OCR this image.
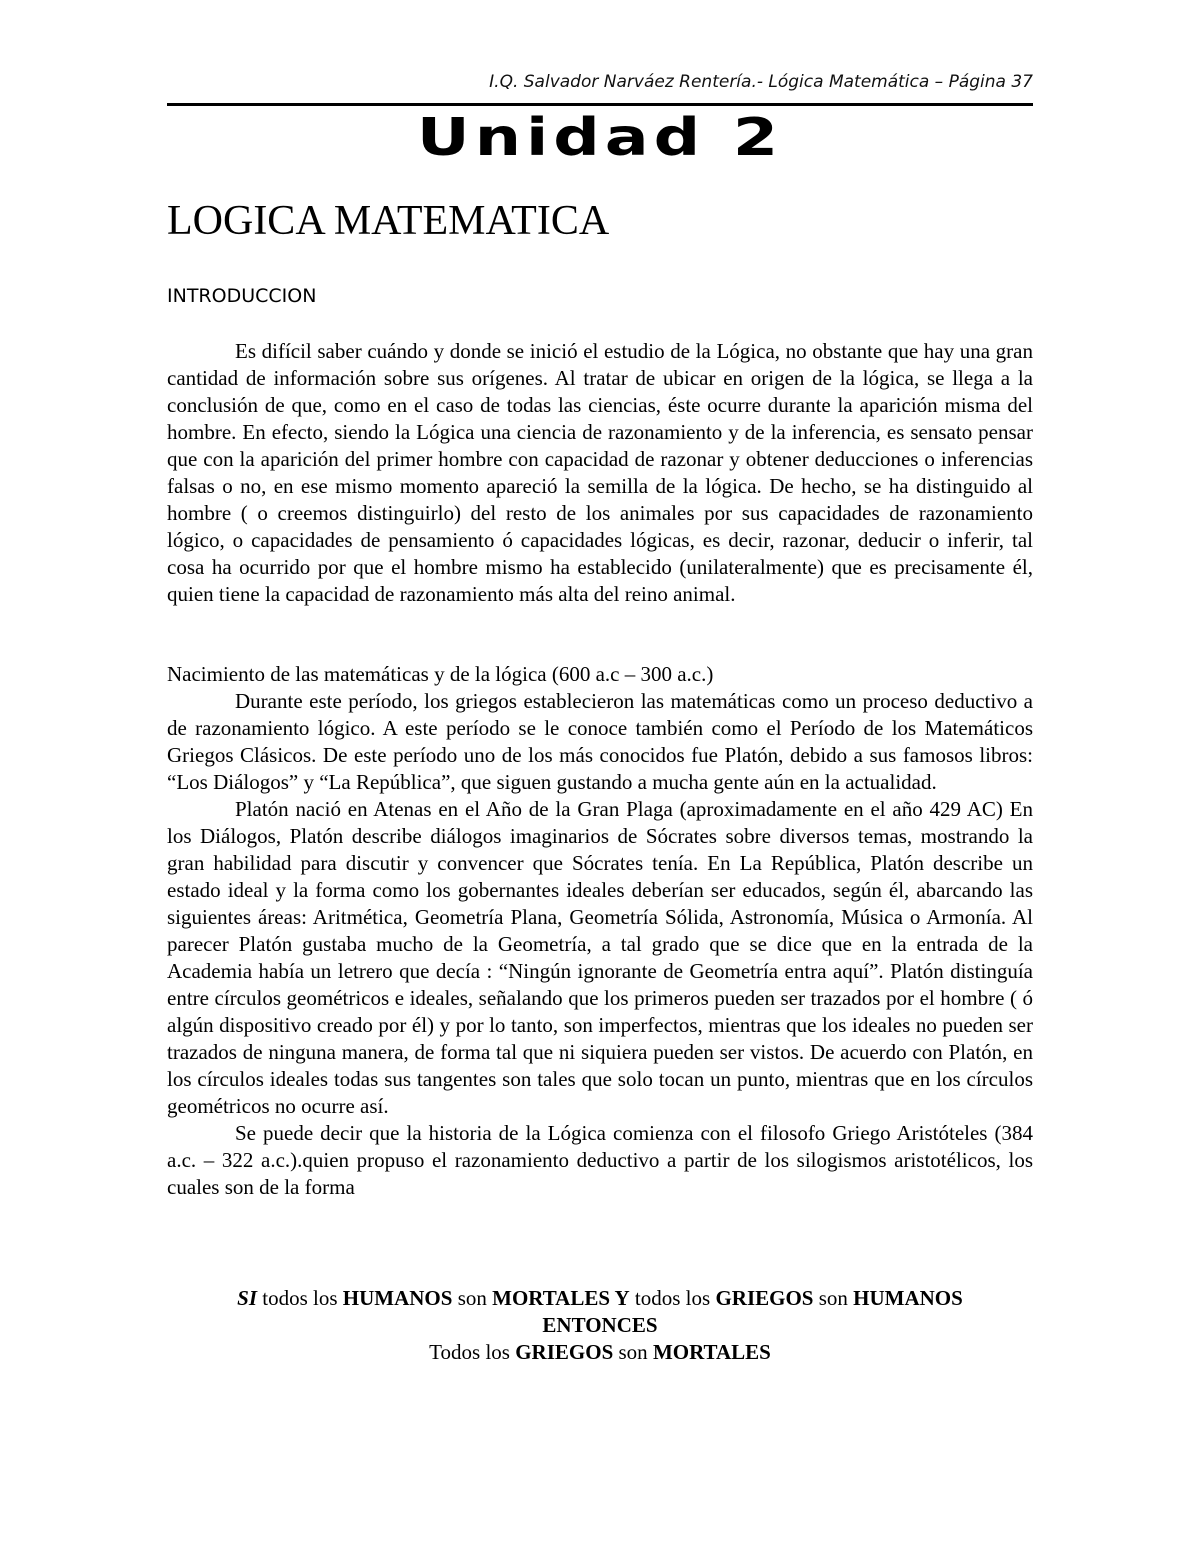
I.Q. Salvador Narváez Rentería.- Lógica Matemática – Página 37
Unidad 2
LOGICA MATEMATICA
INTRODUCCION

Es difícil saber cuándo y donde se inició el estudio de la Lógica, no obstante que hay una gran cantidad de información sobre sus orígenes. Al tratar de ubicar en origen de la lógica, se llega a la conclusión de que, como en el caso de todas las ciencias, éste ocurre durante la aparición misma del hombre. En efecto, siendo la Lógica una ciencia de razonamiento y de la inferencia, es sensato pensar que con la aparición del primer hombre con capacidad de razonar y obtener deducciones o inferencias falsas o no, en ese mismo momento apareció la semilla de la lógica. De hecho, se ha distinguido al hombre ( o creemos distinguirlo) del resto de los animales por sus capacidades de razonamiento lógico, o capacidades de pensamiento ó capacidades lógicas, es decir, razonar, deducir o inferir, tal cosa ha ocurrido por que el hombre mismo ha establecido (unilateralmente) que es precisamente él, quien tiene la capacidad de razonamiento más alta del reino animal.

Nacimiento de las matemáticas y de la lógica (600 a.c – 300 a.c.)

Durante este período, los griegos establecieron las matemáticas como un proceso deductivo a de razonamiento lógico. A este período se le conoce también como el Período de los Matemáticos Griegos Clásicos. De este período uno de los más conocidos fue Platón, debido a sus famosos libros: “Los Diálogos” y “La República”, que siguen gustando a mucha gente aún en la actualidad.

Platón nació en Atenas en el Año de la Gran Plaga (aproximadamente en el año 429 AC) En los Diálogos, Platón describe diálogos imaginarios de Sócrates sobre diversos temas, mostrando la gran habilidad para discutir y convencer que Sócrates tenía. En La República, Platón describe un estado ideal y la forma como los gobernantes ideales deberían ser educados, según él, abarcando las siguientes áreas: Aritmética, Geometría Plana, Geometría Sólida, Astronomía, Música o Armonía. Al parecer Platón gustaba mucho de la Geometría, a tal grado que se dice que en la entrada de la Academia había un letrero que decía : “Ningún ignorante de Geometría entra aquí”. Platón distinguía entre círculos geométricos e ideales, señalando que los primeros pueden ser trazados por el hombre ( ó algún dispositivo creado por él) y por lo tanto, son imperfectos, mientras que los ideales no pueden ser trazados de ninguna manera, de forma tal que ni siquiera pueden ser vistos. De acuerdo con Platón, en los círculos ideales todas sus tangentes son tales que solo tocan un punto, mientras que en los círculos geométricos no ocurre así.

Se puede decir que la historia de la Lógica comienza con el filosofo Griego Aristóteles (384 a.c. – 322 a.c.).quien propuso el razonamiento deductivo a partir de los silogismos aristotélicos, los cuales son de la forma

SI todos los HUMANOS son MORTALES Y todos los GRIEGOS son HUMANOS

ENTONCES

Todos los GRIEGOS son MORTALES
